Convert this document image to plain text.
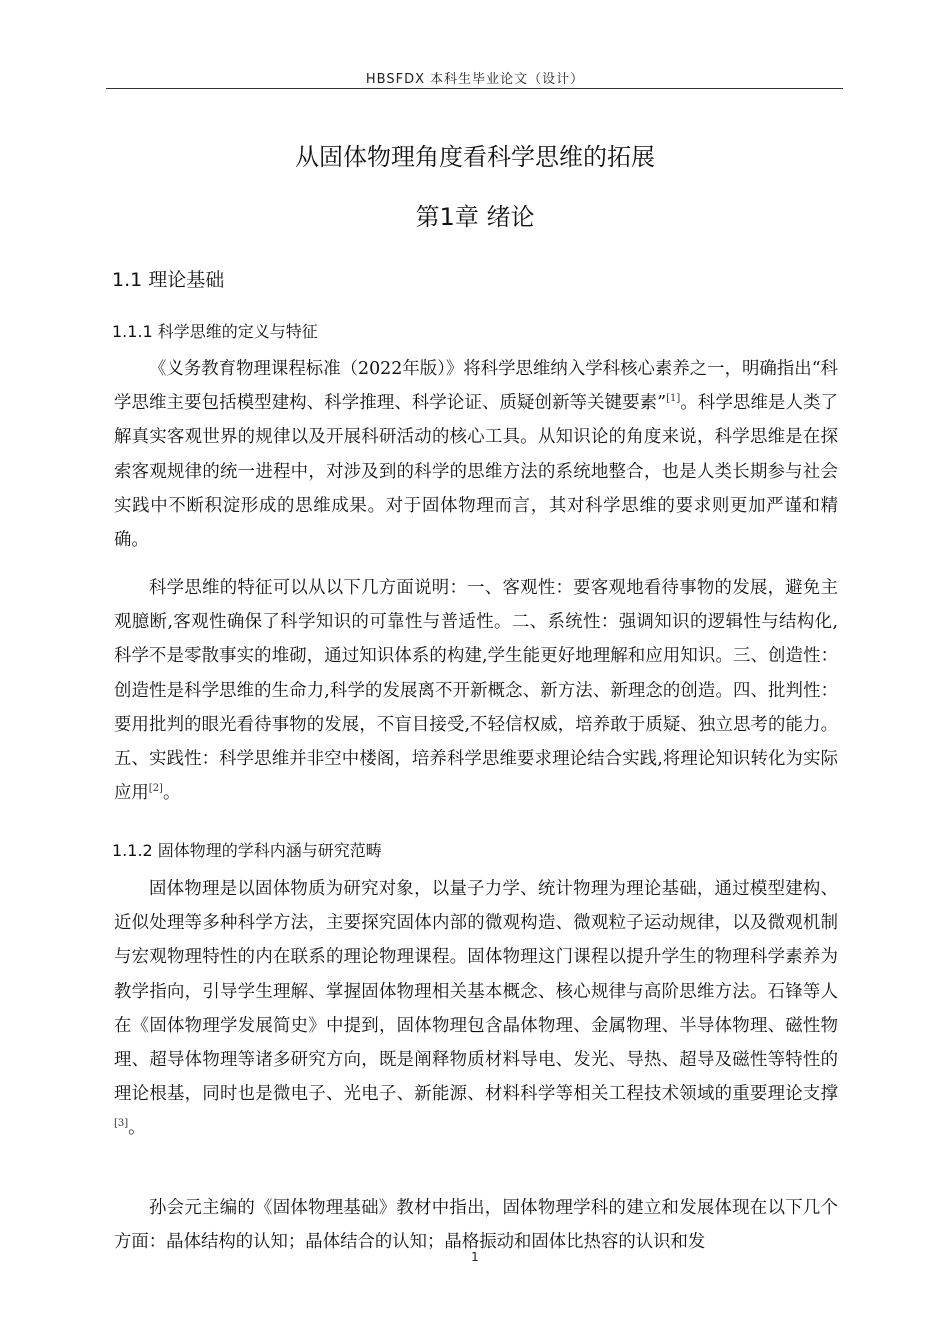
HBSFDX 本科生毕业论文（设计）
从固体物理角度看科学思维的拓展
第1章 绪论
1.1 理论基础
1.1.1 科学思维的定义与特征

《义务教育物理课程标准（2022年版）》将科学思维纳入学科核心素养之一，明确指出“科学思维主要包括模型建构、科学推理、科学论证、质疑创新等关键要素”[1]。科学思维是人类了解真实客观世界的规律以及开展科研活动的核心工具。从知识论的角度来说，科学思维是在探索客观规律的统一进程中，对涉及到的科学的思维方法的系统地整合，也是人类长期参与社会实践中不断积淀形成的思维成果。对于固体物理而言，其对科学思维的要求则更加严谨和精确。

科学思维的特征可以从以下几方面说明：一、客观性：要客观地看待事物的发展，避免主观臆断,客观性确保了科学知识的可靠性与普适性。二、系统性：强调知识的逻辑性与结构化,科学不是零散事实的堆砌，通过知识体系的构建,学生能更好地理解和应用知识。三、创造性：创造性是科学思维的生命力,科学的发展离不开新概念、新方法、新理念的创造。四、批判性：要用批判的眼光看待事物的发展，不盲目接受,不轻信权威，培养敢于质疑、独立思考的能力。五、实践性：科学思维并非空中楼阁，培养科学思维要求理论结合实践,将理论知识转化为实际应用[2]。

1.1.2 固体物理的学科内涵与研究范畴

固体物理是以固体物质为研究对象，以量子力学、统计物理为理论基础，通过模型建构、近似处理等多种科学方法，主要探究固体内部的微观构造、微观粒子运动规律，以及微观机制与宏观物理特性的内在联系的理论物理课程。固体物理这门课程以提升学生的物理科学素养为教学指向，引导学生理解、掌握固体物理相关基本概念、核心规律与高阶思维方法。石锋等人在《固体物理学发展简史》中提到，固体物理包含晶体物理、金属物理、半导体物理、磁性物理、超导体物理等诸多研究方向，既是阐释物质材料导电、发光、导热、超导及磁性等特性的理论根基，同时也是微电子、光电子、新能源、材料科学等相关工程技术领域的重要理论支撑[3]。

孙会元主编的《固体物理基础》教材中指出，固体物理学科的建立和发展体现在以下几个方面：晶体结构的认知；晶体结合的认知；晶格振动和固体比热容的认识和发

1
